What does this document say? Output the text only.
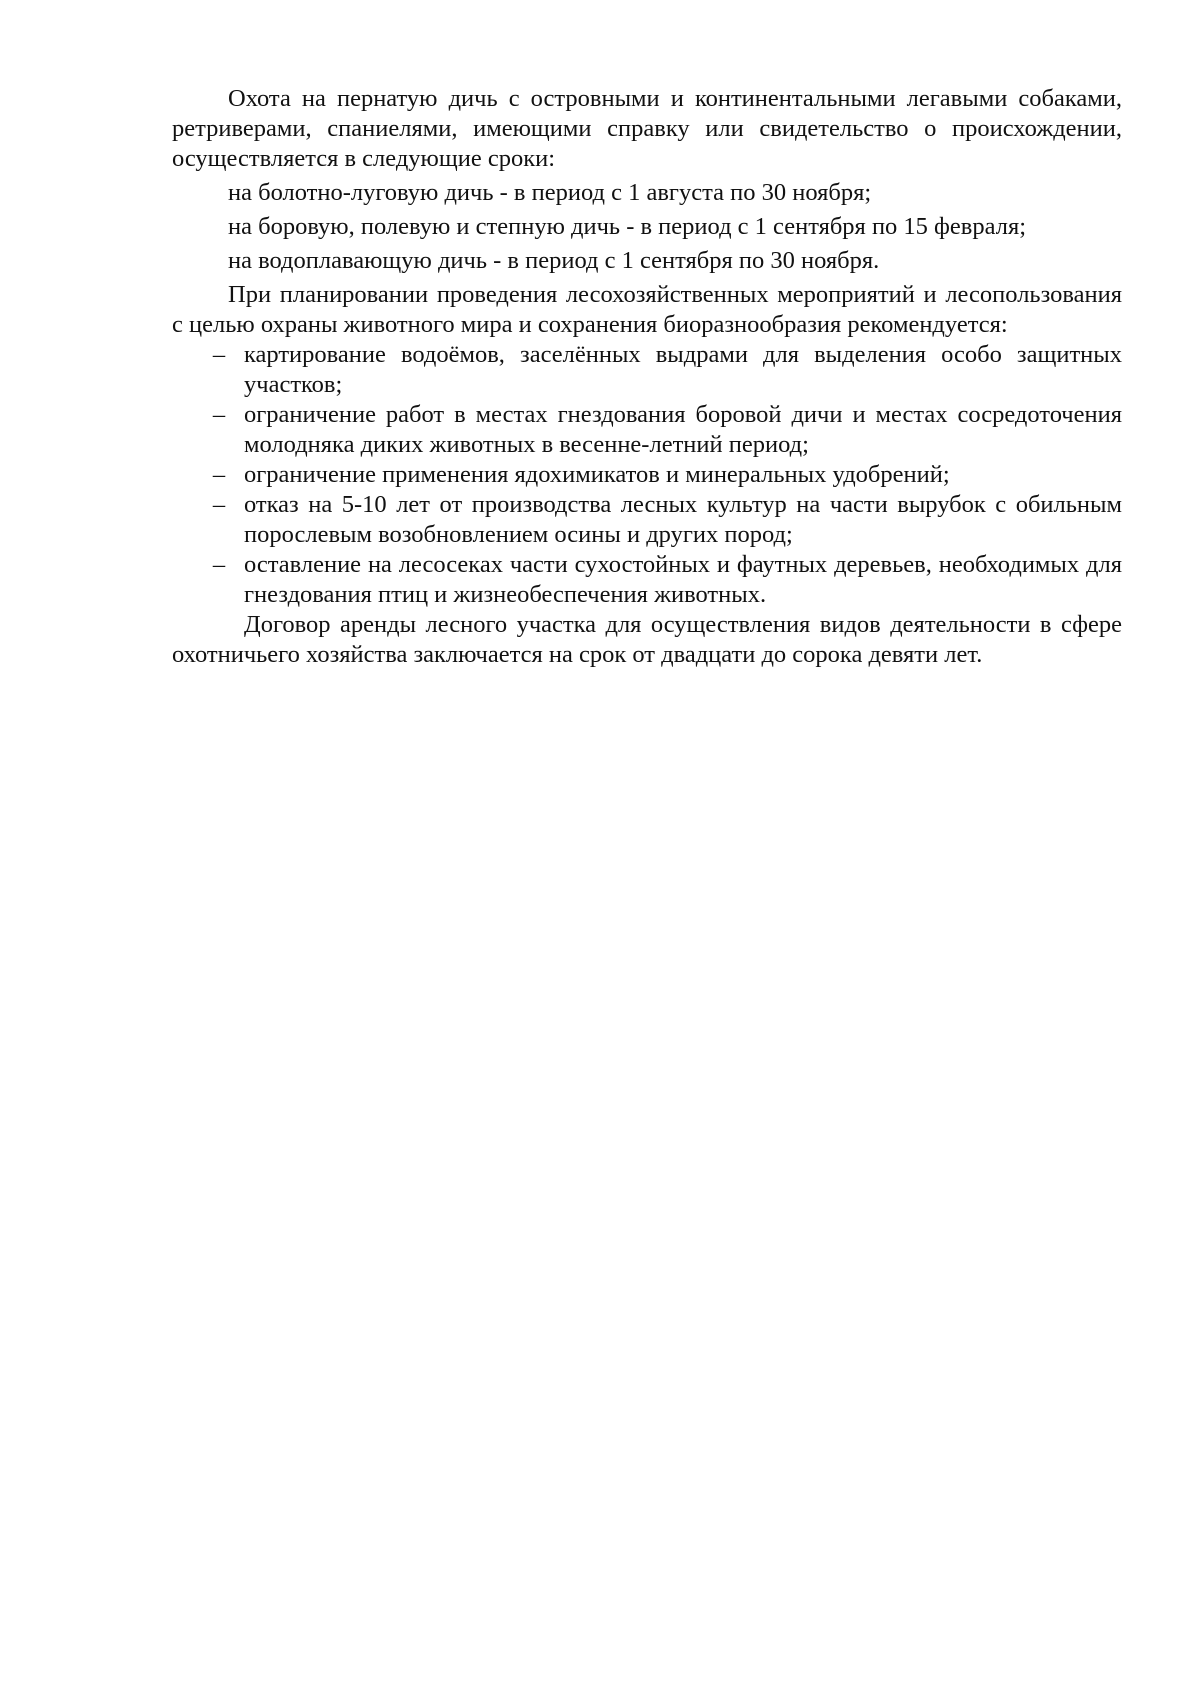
Охота на пернатую дичь с островными и континентальными легавыми собаками, ретриверами, спаниелями, имеющими справку или свидетельство о происхождении, осуществляется в следующие сроки:

на болотно-луговую дичь - в период с 1 августа по 30 ноября;

на боровую, полевую и степную дичь - в период с 1 сентября по 15 февраля;

на водоплавающую дичь - в период с 1 сентября по 30 ноября.

При планировании проведения лесохозяйственных мероприятий и лесопользования с целью охраны животного мира и сохранения биоразнообразия рекомендуется:

– картирование водоёмов, заселённых выдрами для выделения особо защитных участков;
– ограничение работ в местах гнездования боровой дичи и местах сосредоточения молодняка диких животных в весенне-летний период;
– ограничение применения ядохимикатов и минеральных удобрений;
– отказ на 5-10 лет от производства лесных культур на части вырубок с обильным порослевым возобновлением осины и других пород;
– оставление на лесосеках части сухостойных и фаутных деревьев, необходимых для гнездования птиц и жизнеобеспечения животных.

Договор аренды лесного участка для осуществления видов деятельности в сфере охотничьего хозяйства заключается на срок от двадцати до сорока девяти лет.
